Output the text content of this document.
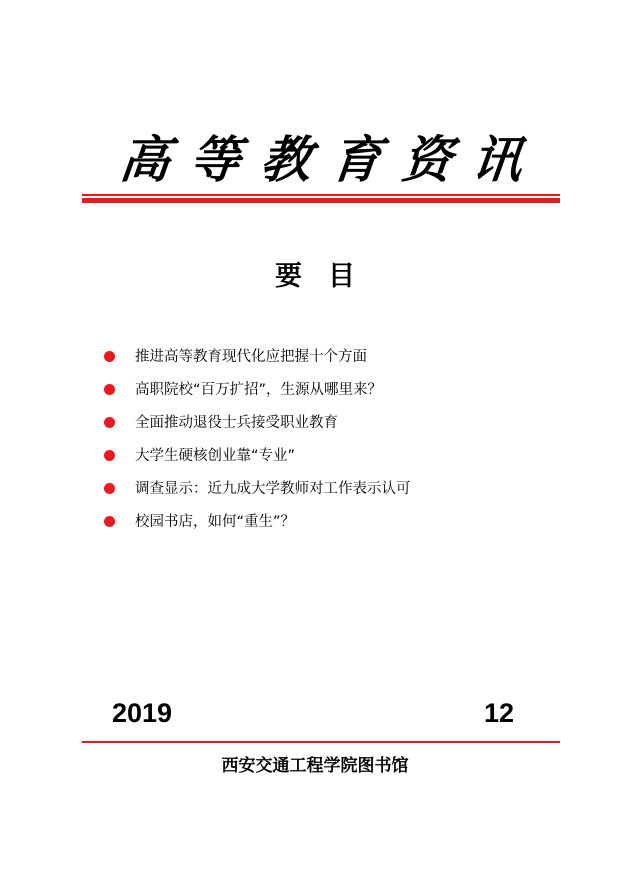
高 等 教 育 资 讯
要目
推进高等教育现代化应把握十个方面
高职院校“百万扩招”，生源从哪里来？
全面推动退役士兵接受职业教育
大学生硬核创业靠“专业”
调查显示：近九成大学教师对工作表示认可
校园书店，如何“重生”？
2019	12
西安交通工程学院图书馆
